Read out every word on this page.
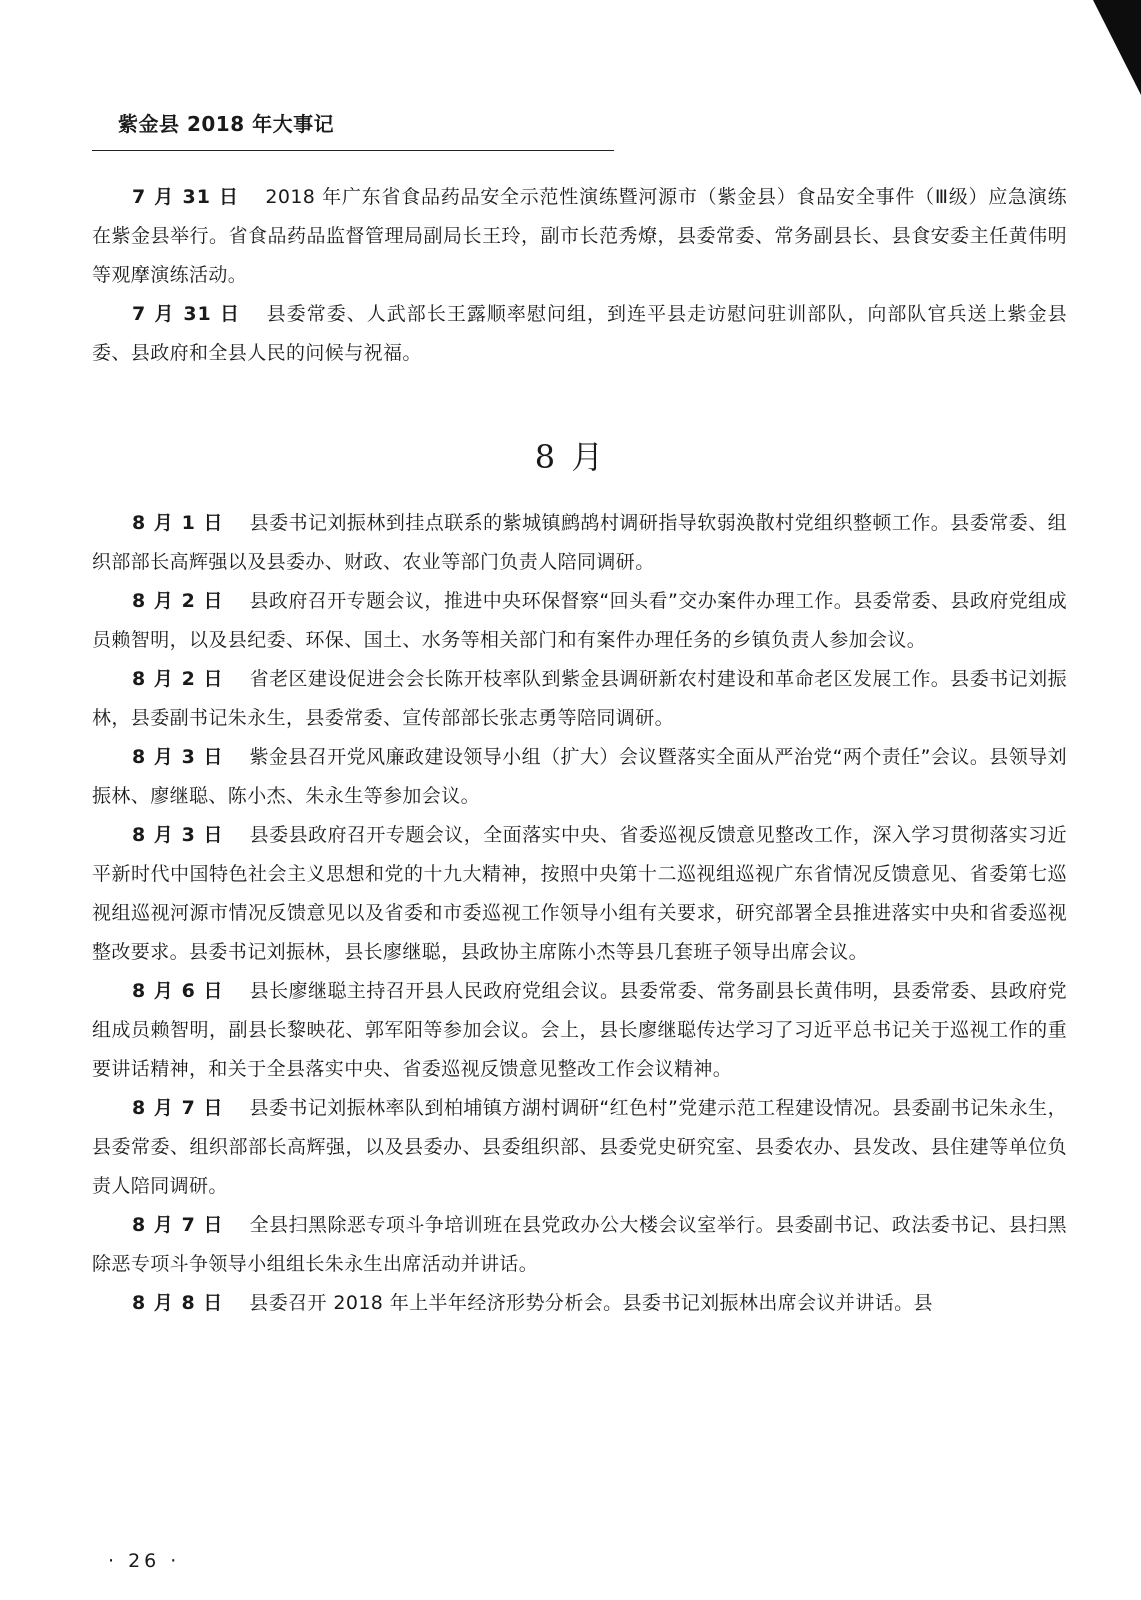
紫金县 2018 年大事记

7 月 31 日 2018 年广东省食品药品安全示范性演练暨河源市（紫金县）食品安全事件（Ⅲ级）应急演练在紫金县举行。省食品药品监督管理局副局长王玲，副市长范秀燎，县委常委、常务副县长、县食安委主任黄伟明等观摩演练活动。

7 月 31 日 县委常委、人武部长王露顺率慰问组，到连平县走访慰问驻训部队，向部队官兵送上紫金县委、县政府和全县人民的问候与祝福。

8 月

8 月 1 日 县委书记刘振林到挂点联系的紫城镇鹧鸪村调研指导软弱涣散村党组织整顿工作。县委常委、组织部部长高辉强以及县委办、财政、农业等部门负责人陪同调研。

8 月 2 日 县政府召开专题会议，推进中央环保督察“回头看”交办案件办理工作。县委常委、县政府党组成员赖智明，以及县纪委、环保、国土、水务等相关部门和有案件办理任务的乡镇负责人参加会议。

8 月 2 日 省老区建设促进会会长陈开枝率队到紫金县调研新农村建设和革命老区发展工作。县委书记刘振林，县委副书记朱永生，县委常委、宣传部部长张志勇等陪同调研。

8 月 3 日 紫金县召开党风廉政建设领导小组（扩大）会议暨落实全面从严治党“两个责任”会议。县领导刘振林、廖继聪、陈小杰、朱永生等参加会议。

8 月 3 日 县委县政府召开专题会议，全面落实中央、省委巡视反馈意见整改工作，深入学习贯彻落实习近平新时代中国特色社会主义思想和党的十九大精神，按照中央第十二巡视组巡视广东省情况反馈意见、省委第七巡视组巡视河源市情况反馈意见以及省委和市委巡视工作领导小组有关要求，研究部署全县推进落实中央和省委巡视整改要求。县委书记刘振林，县长廖继聪，县政协主席陈小杰等县几套班子领导出席会议。

8 月 6 日 县长廖继聪主持召开县人民政府党组会议。县委常委、常务副县长黄伟明，县委常委、县政府党组成员赖智明，副县长黎映花、郭军阳等参加会议。会上，县长廖继聪传达学习了习近平总书记关于巡视工作的重要讲话精神，和关于全县落实中央、省委巡视反馈意见整改工作会议精神。

8 月 7 日 县委书记刘振林率队到柏埔镇方湖村调研“红色村”党建示范工程建设情况。县委副书记朱永生，县委常委、组织部部长高辉强，以及县委办、县委组织部、县委党史研究室、县委农办、县发改、县住建等单位负责人陪同调研。

8 月 7 日 全县扫黑除恶专项斗争培训班在县党政办公大楼会议室举行。县委副书记、政法委书记、县扫黑除恶专项斗争领导小组组长朱永生出席活动并讲话。

8 月 8 日 县委召开 2018 年上半年经济形势分析会。县委书记刘振林出席会议并讲话。县

· 26 ·
